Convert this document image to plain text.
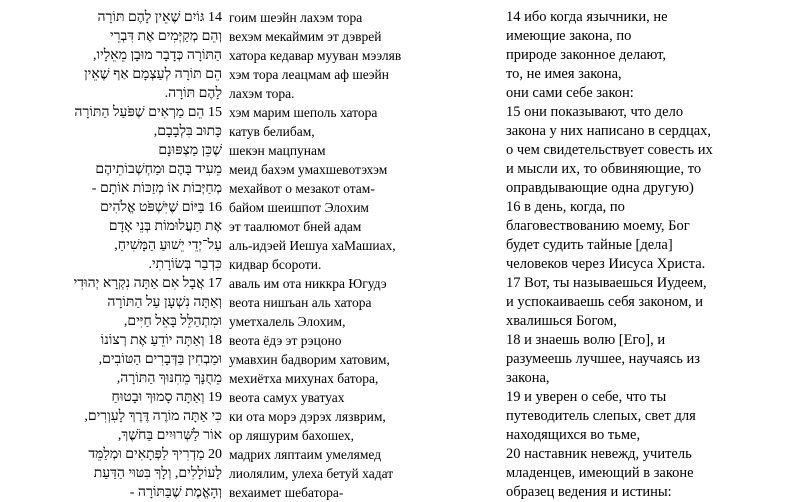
14 גּוֹיִם שֶׁאֵין לָהֶם תּוֹרָה
וְהֵם מְקַיְּמִים אֶת דִּבְרֵי
הַתּוֹרָה כְּדָבָר מוּבָן מֵאֵלָיו,
הֵם תּוֹרָה לְעַצְמָם אַף שֶׁאֵין
לָהֶם תּוֹרָה.
15 הֵם מַרְאִים שֶׁפֹּעַל הַתּוֹרָה
כָּתוּב בִּלְבָבָם,
שֶׁכֵּן מַצְפּוּנָם
מֵעִיד בָּהֶם וּמַחְשְׁבוֹתֵיהֶם
מְחַיְּבוֹת אוֹ מְזַכּוֹת אוֹתָם -
16 בַּיּוֹם שֶׁיִּשְׁפֹּט אֱלֹהִים
אֶת תַּעֲלוּמוֹת בְּנֵי אָדָם
עַל־יְדֵי יֵשׁוּעַ הַמָּשִׁיחַ,
כִּדְבַר בְּשׂוֹרָתִי.
17 אֲבָל אִם אַתָּה נִקְרָא יְהוּדִי
וְאַתָּה נִשְׁעָן עַל הַתּוֹרָה
וּמִתְהַלֵּל בָּאֵל חַיִּים,
18 וְאַתָּה יוֹדֵעַ אֶת רְצוֹנוֹ
וּמַבְחִין בַּדְּבָרִים הַטּוֹבִים,
מֵחֻנָּךְ מֵחִנּוּךְ הַתּוֹרָה,
19 וְאַתָּה סָמוּךְ וּבָטוּחַ
כִּי אַתָּה מוֹרֶה דֶּרֶךְ לָעִוְרִים,
אוֹר לַשְּׁרוּיִים בַּחֹשֶׁךְ,
20 מַדְרִיךְ לַפְּתָאִים וּמְלַמֵּד
לָעוֹלָלִים, וְלָךְ בִּטּוּי הַדַּעַת
וְהָאֱמֶת שֶׁבַּתּוֹרָה -
гоим шеэйн лахэм тора
вехэм мекаймим эт дэврей
хатора кедавар мууван мээляв
хэм тора леацмам аф шеэйн
лахэм тора.
хэм марим шеполь хатора
катув белибам,
шекэн мацпунам
меид бахэм умахшевотэхэм
мехайвот о мезакот отам-
байом шеишпот Элохим
эт таалюмот бней адам
аль-идэей Иешуа хаМашиах,
кидвар бсороти.
аваль им ота никкра Югудэ
веота нишъан аль хатора
уметхалель Элохим,
веота ёдэ эт рэцоно
умавхин бадворим хатовим,
мехиётха михунах батора,
веота самух уватуах
ки ота морэ дэрэх лязврим,
ор ляшурим бахошех,
мадрих ляптаим умелямед
лиолялим, улеха бетуй хадат
вехаимет шебатора-
14 ибо когда язычники, не
имеющие закона, по
природе законное делают,
то, не имея закона,
они сами себе закон:
15 они показывают, что дело
закона у них написано в сердцах,
о чем свидетельствует совесть их
и мысли их, то обвиняющие, то
оправдывающие одна другую)
16 в день, когда, по
благовествованию моему, Бог
будет судить тайные [дела]
человеков через Иисуса Христа.
17 Вот, ты называешься Иудеем,
и успокаиваешь себя законом, и
хвалишься Богом,
18 и знаешь волю [Его], и
разумеешь лучшее, научаясь из
закона,
19 и уверен о себе, что ты
путеводитель слепых, свет для
находящихся во тьме,
20 наставник невежд, учитель
младенцев, имеющий в законе
образец ведения и истины:
